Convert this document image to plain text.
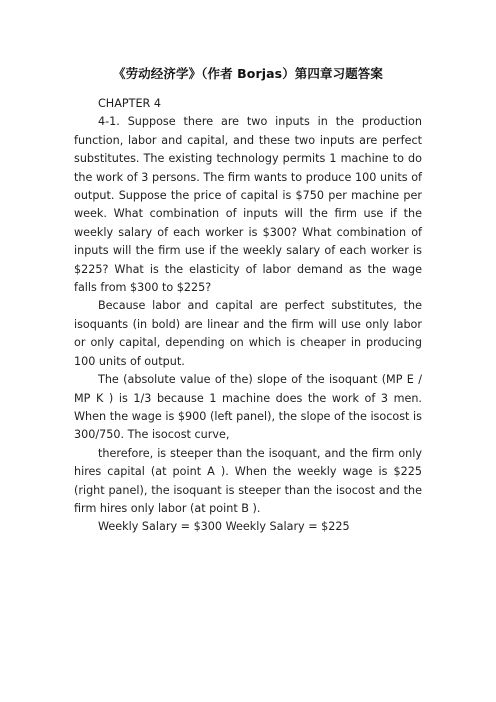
《劳动经济学》（作者 Borjas）第四章习题答案

CHAPTER 4

4-1. Suppose there are two inputs in the production function, labor and capital, and these two inputs are perfect substitutes. The existing technology permits 1 machine to do the work of 3 persons. The firm wants to produce 100 units of output. Suppose the price of capital is $750 per machine per week. What combination of inputs will the firm use if the weekly salary of each worker is $300? What combination of inputs will the firm use if the weekly salary of each worker is $225? What is the elasticity of labor demand as the wage falls from $300 to $225?

Because labor and capital are perfect substitutes, the isoquants (in bold) are linear and the firm will use only labor or only capital, depending on which is cheaper in producing 100 units of output.

The (absolute value of the) slope of the isoquant (MP E / MP K ) is 1/3 because 1 machine does the work of 3 men. When the wage is $900 (left panel), the slope of the isocost is 300/750. The isocost curve,

therefore, is steeper than the isoquant, and the firm only hires capital (at point A ). When the weekly wage is $225 (right panel), the isoquant is steeper than the isocost and the firm hires only labor (at point B ).

Weekly Salary = $300 Weekly Salary = $225
